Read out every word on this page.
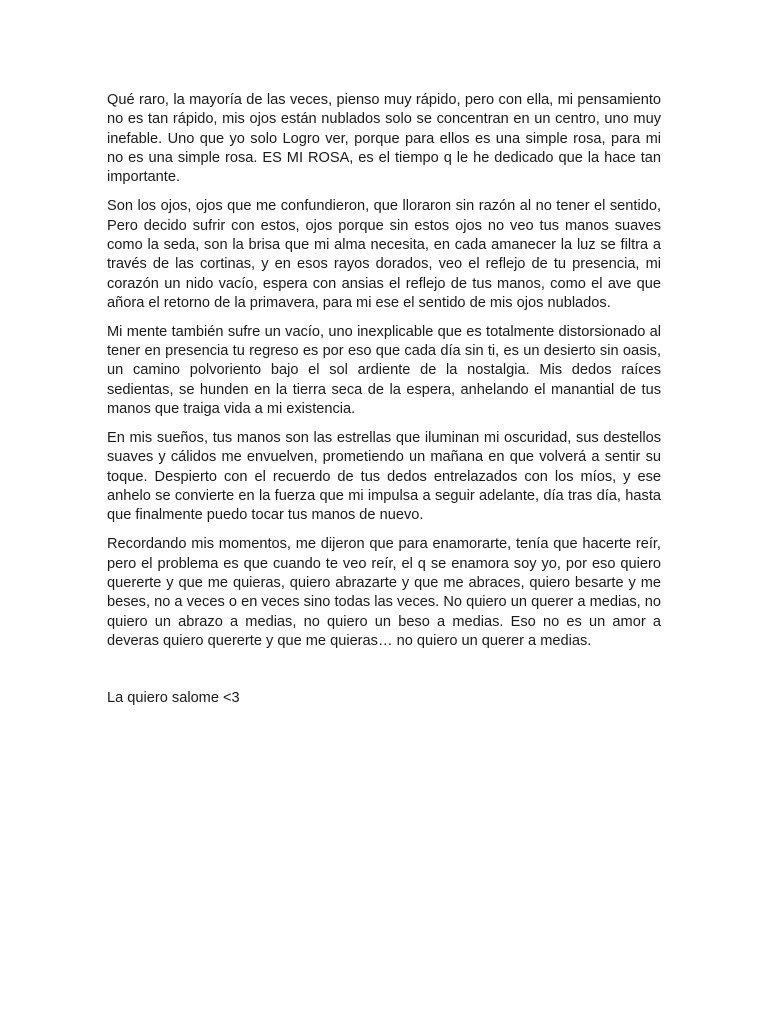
Qué raro, la mayoría de las veces, pienso muy rápido, pero con ella, mi pensamiento no es tan rápido, mis ojos están nublados solo se concentran en un centro, uno muy inefable. Uno que yo solo Logro ver, porque para ellos es una simple rosa, para mi no es una simple rosa. ES MI ROSA, es el tiempo q le he dedicado que la hace tan importante.

Son los ojos, ojos que me confundieron, que lloraron sin razón al no tener el sentido, Pero decido sufrir con estos, ojos porque sin estos ojos no veo tus manos suaves como la seda, son la brisa que mi alma necesita, en cada amanecer la luz se filtra a través de las cortinas, y en esos rayos dorados, veo el reflejo de tu presencia, mi corazón un nido vacío, espera con ansias el reflejo de tus manos, como el ave que añora el retorno de la primavera, para mi ese el sentido de mis ojos nublados.

Mi mente también sufre un vacío, uno inexplicable que es totalmente distorsionado al tener en presencia tu regreso es por eso que cada día sin ti, es un desierto sin oasis, un camino polvoriento bajo el sol ardiente de la nostalgia. Mis dedos raíces sedientas, se hunden en la tierra seca de la espera, anhelando el manantial de tus manos que traiga vida a mi existencia.

En mis sueños, tus manos son las estrellas que iluminan mi oscuridad, sus destellos suaves y cálidos me envuelven, prometiendo un mañana en que volverá a sentir su toque. Despierto con el recuerdo de tus dedos entrelazados con los míos, y ese anhelo se convierte en la fuerza que mi impulsa a seguir adelante, día tras día, hasta que finalmente puedo tocar tus manos de nuevo.

Recordando mis momentos, me dijeron que para enamorarte, tenía que hacerte reír, pero el problema es que cuando te veo reír, el q se enamora soy yo, por eso quiero quererte y que me quieras, quiero abrazarte y que me abraces, quiero besarte y me beses, no a veces o en veces sino todas las veces. No quiero un querer a medias, no quiero un abrazo a medias, no quiero un beso a medias. Eso no es un amor a deveras quiero quererte y que me quieras… no quiero un querer a medias.

La quiero salome <3
